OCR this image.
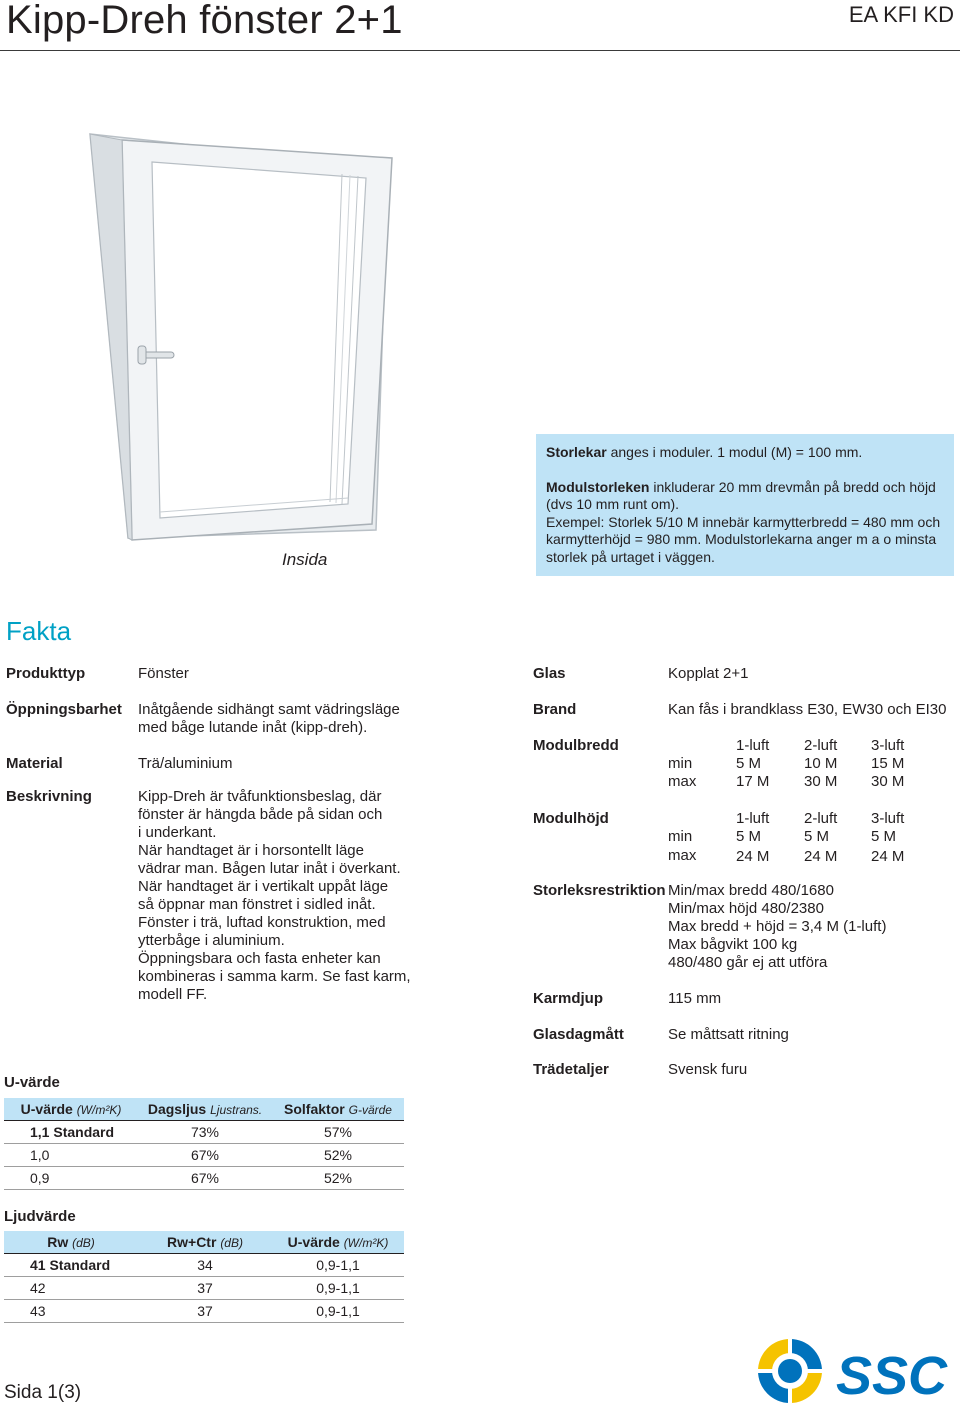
Kipp-Dreh fönster 2+1	EA KFI KD
Insida

Storlekar anges i moduler. 1 modul (M) = 100 mm.

Modulstorleken inkluderar 20 mm drevmån på bredd och höjd (dvs 10 mm runt om).
Exempel: Storlek 5/10 M innebär karmytterbredd = 480 mm och karmytterhöjd = 980 mm. Modulstorlekarna anger m a o minsta storlek på urtaget i väggen.

Fakta
Produkttyp	Fönster
Öppningsbarhet Inåtgående sidhängt samt vädringsläge
med båge lutande inåt (kipp-dreh).
Material	Trä/aluminium
Beskrivning	Kipp-Dreh är tvåfunktionsbeslag, där
fönster är hängda både på sidan och
i underkant.
När handtaget är i horsontellt läge
vädrar man. Bågen lutar inåt i överkant.
När handtaget är i vertikalt uppåt läge
så öppnar man fönstret i sidled inåt.
Fönster i trä, luftad konstruktion, med
ytterbåge i aluminium.
Öppningsbara och fasta enheter kan
kombineras i samma karm. Se fast karm,
modell FF.
Glas	Kopplat 2+1
Brand	Kan fås i brandklass E30, EW30 och EI30
Modulbredd	1-luft 2-luft 3-luft
min	5 M	10 M 15 M
max	17 M 30 M 30 M
Modulhöjd	1-luft 2-luft 3-luft
min	5 M	5 M	5 M
max	24 M 24 M 24 M
Storleksrestriktion Min/max bredd 480/1680
Min/max höjd 480/2380
Max bredd + höjd = 3,4 M (1-luft)
Max bågvikt 100 kg
480/480 går ej att utföra
Karmdjup	115 mm
Glasdagmått	Se måttsatt ritning
Trädetaljer	Svensk furu
U-värde
U-värde (W/m²K)	Dagsljus Ljustrans.	Solfaktor G-värde
1,1 Standard	73%	57%
1,0	67%	52%
0,9	67%	52%
Ljudvärde
Rw (dB)	Rw+Ctr (dB)	U-värde (W/m²K)
41 Standard	34	0,9-1,1
42	37	0,9-1,1
43	37	0,9-1,1
Sida 1(3)	SSC
